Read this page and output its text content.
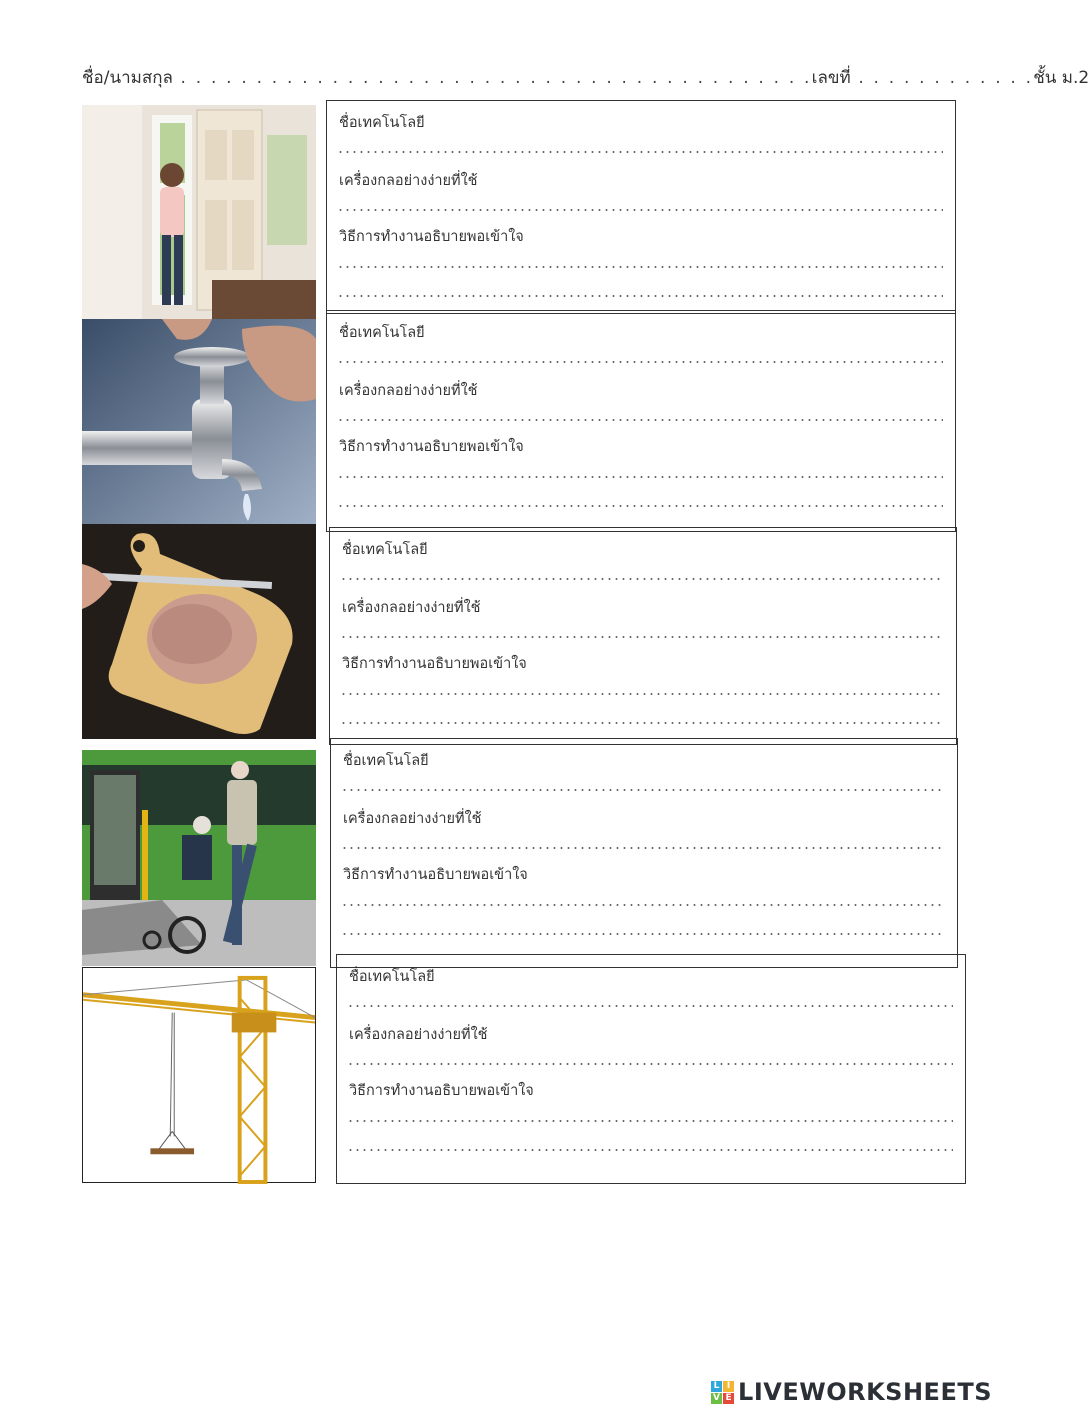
ชื่อ/นามสกุล . . . . . . . . . . . . . . . . . . . . . . . . . . . . . . . . . . . . . . . . . .เลขที่ . . . . . . . . . . . .ชั้น ม.2
ชื่อเทคโนโลยี
เครื่องกลอย่างง่ายที่ใช้
วิธีการทำงานอธิบายพอเข้าใจ
ชื่อเทคโนโลยี
เครื่องกลอย่างง่ายที่ใช้
วิธีการทำงานอธิบายพอเข้าใจ
ชื่อเทคโนโลยี
เครื่องกลอย่างง่ายที่ใช้
วิธีการทำงานอธิบายพอเข้าใจ
ชื่อเทคโนโลยี
เครื่องกลอย่างง่ายที่ใช้
วิธีการทำงานอธิบายพอเข้าใจ
ชื่อเทคโนโลยี
เครื่องกลอย่างง่ายที่ใช้
วิธีการทำงานอธิบายพอเข้าใจ
L I
V E LIVEWORKSHEETS
